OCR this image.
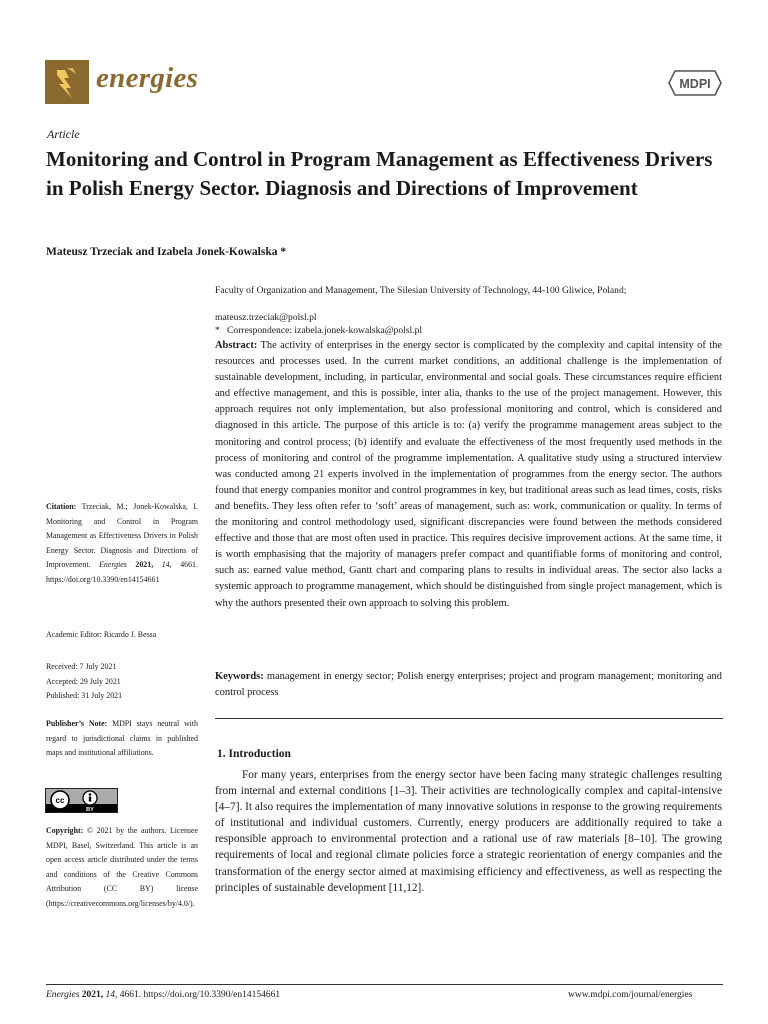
energies	MDPI
Article
Monitoring and Control in Program Management as Effectiveness Drivers in Polish Energy Sector. Diagnosis and Directions of Improvement
Mateusz Trzeciak and Izabela Jonek-Kowalska *
Faculty of Organization and Management, The Silesian University of Technology, 44-100 Gliwice, Poland;
mateusz.trzeciak@polsl.pl
* Correspondence: izabela.jonek-kowalska@polsl.pl
Abstract: The activity of enterprises in the energy sector is complicated by the complexity and capital intensity of the resources and processes used. In the current market conditions, an additional challenge is the implementation of sustainable development, including, in particular, environmental and social goals. These circumstances require efficient and effective management, and this is possible, inter alia, thanks to the use of the project management. However, this approach requires not only implementation, but also professional monitoring and control, which is considered and diagnosed in this article. The purpose of this article is to: (a) verify the programme management areas subject to the monitoring and control process; (b) identify and evaluate the effectiveness of the most frequently used methods in the process of monitoring and control of the programme implementation. A qualitative study using a structured interview was conducted among 21 experts involved in the implementation of programmes from the energy sector. The authors found that energy companies monitor and control programmes in key, but traditional areas such as lead times, costs, risks and benefits. They less often refer to ‘soft’ areas of management, such as: work, communication or quality. In terms of the monitoring and control methodology used, significant discrepancies were found between the methods considered effective and those that are most often used in practice. This requires decisive improvement actions. At the same time, it is worth emphasising that the majority of managers prefer compact and quantifiable forms of monitoring and control, such as: earned value method, Gantt chart and comparing plans to results in individual areas. The sector also lacks a systemic approach to programme management, which should be distinguished from single project management, which is why the authors presented their own approach to solving this problem.
Keywords: management in energy sector; Polish energy enterprises; project and program management; monitoring and control process
1. Introduction
For many years, enterprises from the energy sector have been facing many strategic challenges resulting from internal and external conditions [1–3]. Their activities are technologically complex and capital-intensive [4–7]. It also requires the implementation of many innovative solutions in response to the growing requirements of institutional and individual customers. Currently, energy producers are additionally required to take a responsible approach to environmental protection and a rational use of raw materials [8–10]. The growing requirements of local and regional climate policies force a strategic reorientation of energy companies and the transformation of the energy sector aimed at maximising efficiency and effectiveness, as well as respecting the principles of sustainable development [11,12].
Citation: Trzeciak, M.; Jonek-Kowalska, I. Monitoring and Control in Program Management as Effectiveness Drivers in Polish Energy Sector. Diagnosis and Directions of Improvement. Energies 2021, 14, 4661. https://doi.org/10.3390/en14154661
Academic Editor: Ricardo J. Bessa
Received: 7 July 2021
Accepted: 29 July 2021
Published: 31 July 2021
Publisher’s Note: MDPI stays neutral with regard to jurisdictional claims in published maps and institutional affiliations.
cc
BY
Copyright: © 2021 by the authors. Licensee MDPI, Basel, Switzerland. This article is an open access article distributed under the terms and conditions of the Creative Commons Attribution (CC BY) license (https://creativecommons.org/licenses/by/4.0/).
Energies 2021, 14, 4661. https://doi.org/10.3390/en14154661	www.mdpi.com/journal/energies
